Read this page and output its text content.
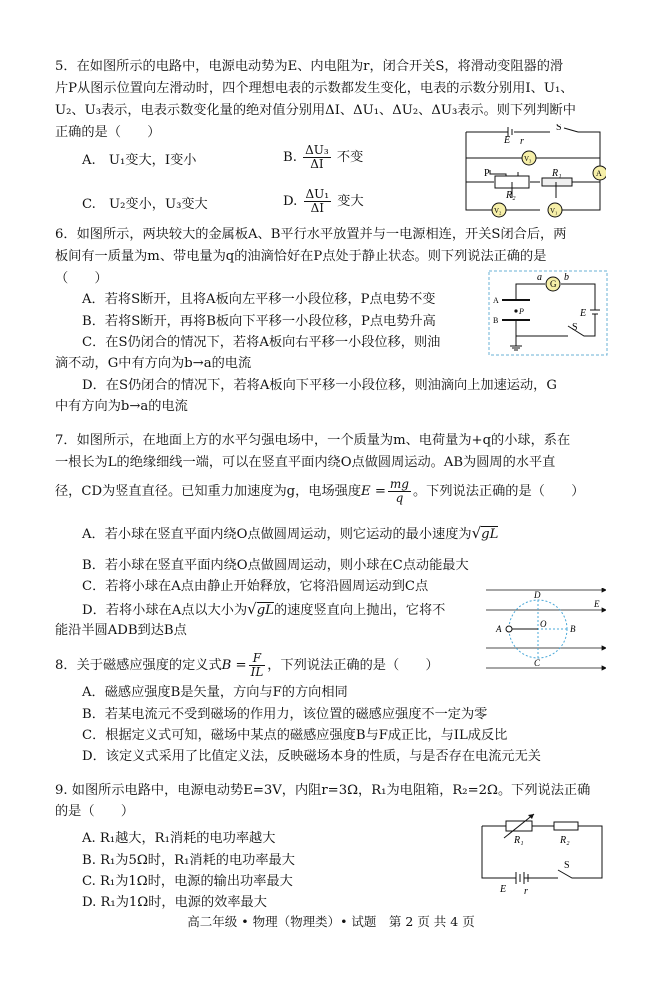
5．在如图所示的电路中，电源电动势为E、内电阻为r，闭合开关S，将滑动变阻器的滑
片P从图示位置向左滑动时，四个理想电表的示数都发生变化，电表的示数分别用I、U₁、
U₂、U₃表示，电表示数变化量的绝对值分别用ΔI、ΔU₁、ΔU₂、ΔU₃表示。则下列判断中
正确的是（　　）
A.　U₁变大，I变小	B. $\frac{\text{ΔU₃}}{\Delta I}$ 不变
C.　U₂变小，U₃变大	D. $\frac{\text{ΔU₁}}{\Delta I}$ 变大
E r
S
V₃
A
P
R₂
R₁
V₂	V₁
6．如图所示，两块较大的金属板A、B平行水平放置并与一电源相连，开关S闭合后，两
板间有一质量为m、带电量为q的油滴恰好在P点处于静止状态。则下列说法正确的是
（　　）
A．若将S断开，且将A板向左平移一小段位移，P点电势不变
B．若将S断开，再将B板向下平移一小段位移，P点电势升高
C．在S仍闭合的情况下，若将A板向右平移一小段位移，则油
滴不动，G中有方向为b→a的电流
D．在S仍闭合的情况下，若将A板向下平移一小段位移，则油滴向上加速运动，G
中有方向为b→a的电流
a b
G
A
B
P	E
S
7．如图所示，在地面上方的水平匀强电场中，一个质量为m、电荷量为+q的小球，系在
一根长为L的绝缘细线一端，可以在竖直平面内绕O点做圆周运动。AB为圆周的水平直
径，CD为竖直直径。已知重力加速度为g，电场强度$E = \frac{mg}{q}$ 。下列说法正确的是（　　）
A．若小球在竖直平面内绕O点做圆周运动，则它运动的最小速度为√gL
B．若小球在竖直平面内绕O点做圆周运动，则小球在C点动能最大
C．若将小球在A点由静止开始释放，它将沿圆周运动到C点
D．若将小球在A点以大小为√gL的速度竖直向上抛出，它将不
能沿半圆ADB到达B点
D
E
A	O	B
C
8．关于磁感应强度的定义式$B = \frac{F}{IL}$ ，下列说法正确的是（　　）
A．磁感应强度B是矢量，方向与F的方向相同
B．若某电流元不受到磁场的作用力，该位置的磁感应强度不一定为零
C．根据定义式可知，磁场中某点的磁感应强度B与F成正比，与IL成反比
D．该定义式采用了比值定义法，反映磁场本身的性质，与是否存在电流元无关
9. 如图所示电路中，电源电动势E=3V，内阻r=3Ω，R₁为电阻箱，R₂=2Ω。下列说法正确
的是（　　）
A. R₁越大，R₁消耗的电功率越大
B. R₁为5Ω时，R₁消耗的电功率最大
C. R₁为1Ω时，电源的输出功率最大
D. R₁为1Ω时，电源的效率最大
R₁	R₂
E r
S
高二年级 • 物理（物理类）• 试题　第 2 页 共 4 页
